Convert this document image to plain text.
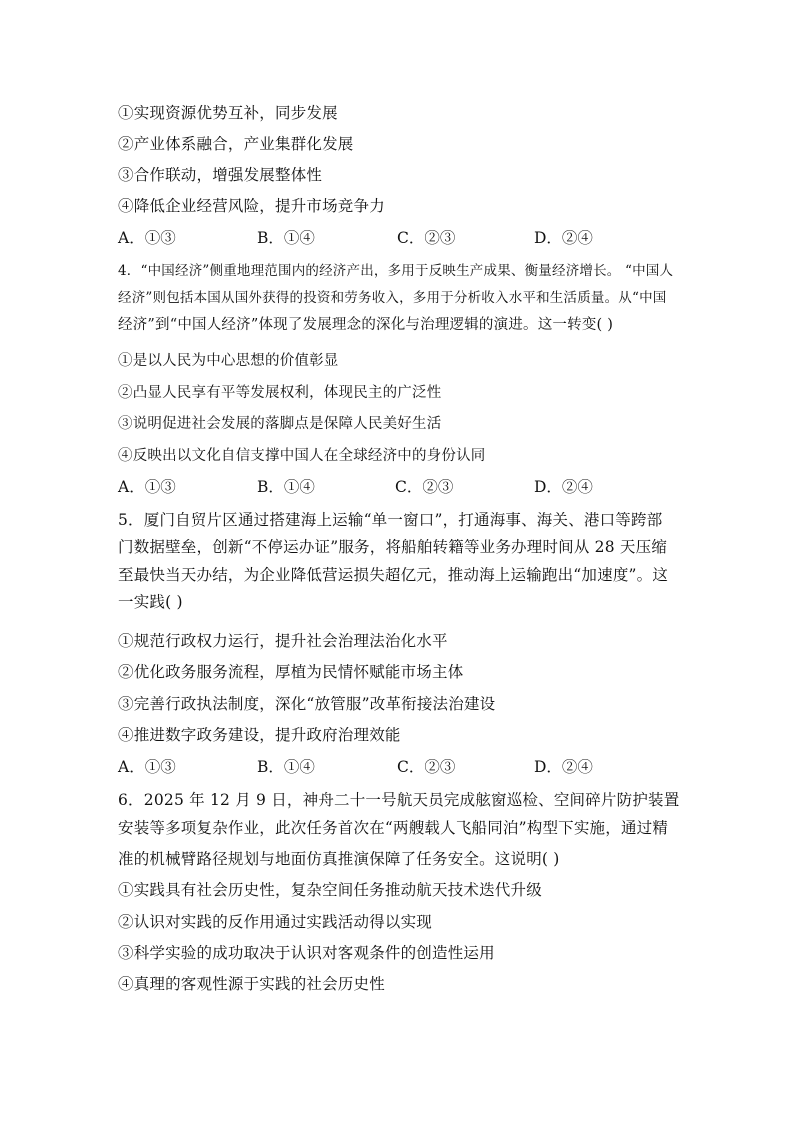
①实现资源优势互补，同步发展
②产业体系融合，产业集群化发展
③合作联动，增强发展整体性
④降低企业经营风险，提升市场竞争力
A．①③	B．①④	C．②③	D．②④
4．“中国经济”侧重地理范围内的经济产出，多用于反映生产成果、衡量经济增长。 “中国人
经济”则包括本国从国外获得的投资和劳务收入，多用于分析收入水平和生活质量。从“中国
经济”到“中国人经济”体现了发展理念的深化与治理逻辑的演进。这一转变( )
①是以人民为中心思想的价值彰显
②凸显人民享有平等发展权利，体现民主的广泛性
③说明促进社会发展的落脚点是保障人民美好生活
④反映出以文化自信支撑中国人在全球经济中的身份认同
A．①③	B．①④	C．②③	D．②④
5．厦门自贸片区通过搭建海上运输“单一窗口”，打通海事、海关、港口等跨部
门数据壁垒，创新“不停运办证”服务，将船舶转籍等业务办理时间从 28 天压缩
至最快当天办结，为企业降低营运损失超亿元，推动海上运输跑出“加速度”。这
一实践( )
①规范行政权力运行，提升社会治理法治化水平
②优化政务服务流程，厚植为民情怀赋能市场主体
③完善行政执法制度，深化“放管服”改革衔接法治建设
④推进数字政务建设，提升政府治理效能
A．①③	B．①④	C．②③	D．②④
6．2025 年 12 月 9 日，神舟二十一号航天员完成舷窗巡检、空间碎片防护装置
安装等多项复杂作业，此次任务首次在“两艘载人飞船同泊”构型下实施，通过精
准的机械臂路径规划与地面仿真推演保障了任务安全。这说明( )
①实践具有社会历史性，复杂空间任务推动航天技术迭代升级
②认识对实践的反作用通过实践活动得以实现
③科学实验的成功取决于认识对客观条件的创造性运用
④真理的客观性源于实践的社会历史性
